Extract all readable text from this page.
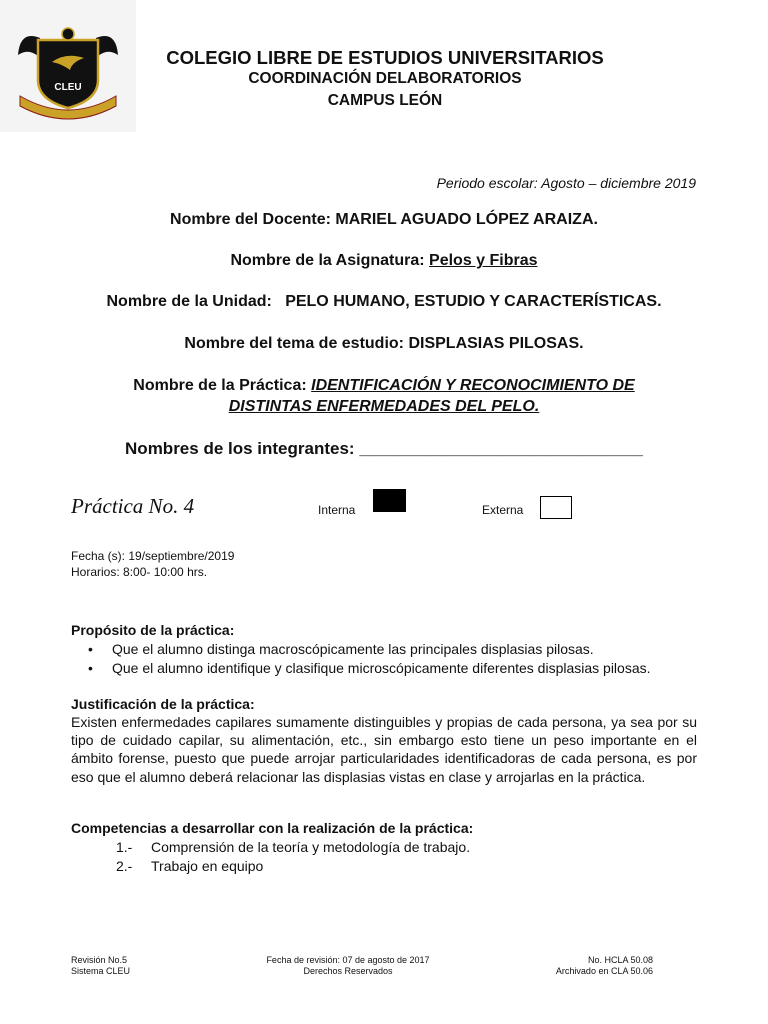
CLEU
COLEGIO LIBRE DE ESTUDIOS UNIVERSITARIOS
COORDINACIÓN DELABORATORIOS
CAMPUS LEÓN
Periodo escolar: Agosto – diciembre 2019
Nombre del Docente: MARIEL AGUADO LÓPEZ ARAIZA.
Nombre de la Asignatura: Pelos y Fibras
Nombre de la Unidad: PELO HUMANO, ESTUDIO Y CARACTERÍSTICAS.
Nombre del tema de estudio: DISPLASIAS PILOSAS.
Nombre de la Práctica: IDENTIFICACIÓN Y RECONOCIMIENTO DE
DISTINTAS ENFERMEDADES DEL PELO.
Nombres de los integrantes: ______________________________
Práctica No. 4	Interna	Externa
Fecha (s): 19/septiembre/2019
Horarios: 8:00- 10:00 hrs.
Propósito de la práctica:
• Que el alumno distinga macroscópicamente las principales displasias pilosas.
• Que el alumno identifique y clasifique microscópicamente diferentes displasias pilosas.
Justificación de la práctica:
Existen enfermedades capilares sumamente distinguibles y propias de cada persona, ya sea por su tipo de cuidado capilar, su alimentación, etc., sin embargo esto tiene un peso importante en el ámbito forense, puesto que puede arrojar particularidades identificadoras de cada persona, es por eso que el alumno deberá relacionar las displasias vistas en clase y arrojarlas en la práctica.
Competencias a desarrollar con la realización de la práctica:
1.- Comprensión de la teoría y metodología de trabajo.
2.- Trabajo en equipo
Revisión No.5
Sistema CLEU
Fecha de revisión: 07 de agosto de 2017
Derechos Reservados
No. HCLA 50.08
Archivado en CLA 50.06
